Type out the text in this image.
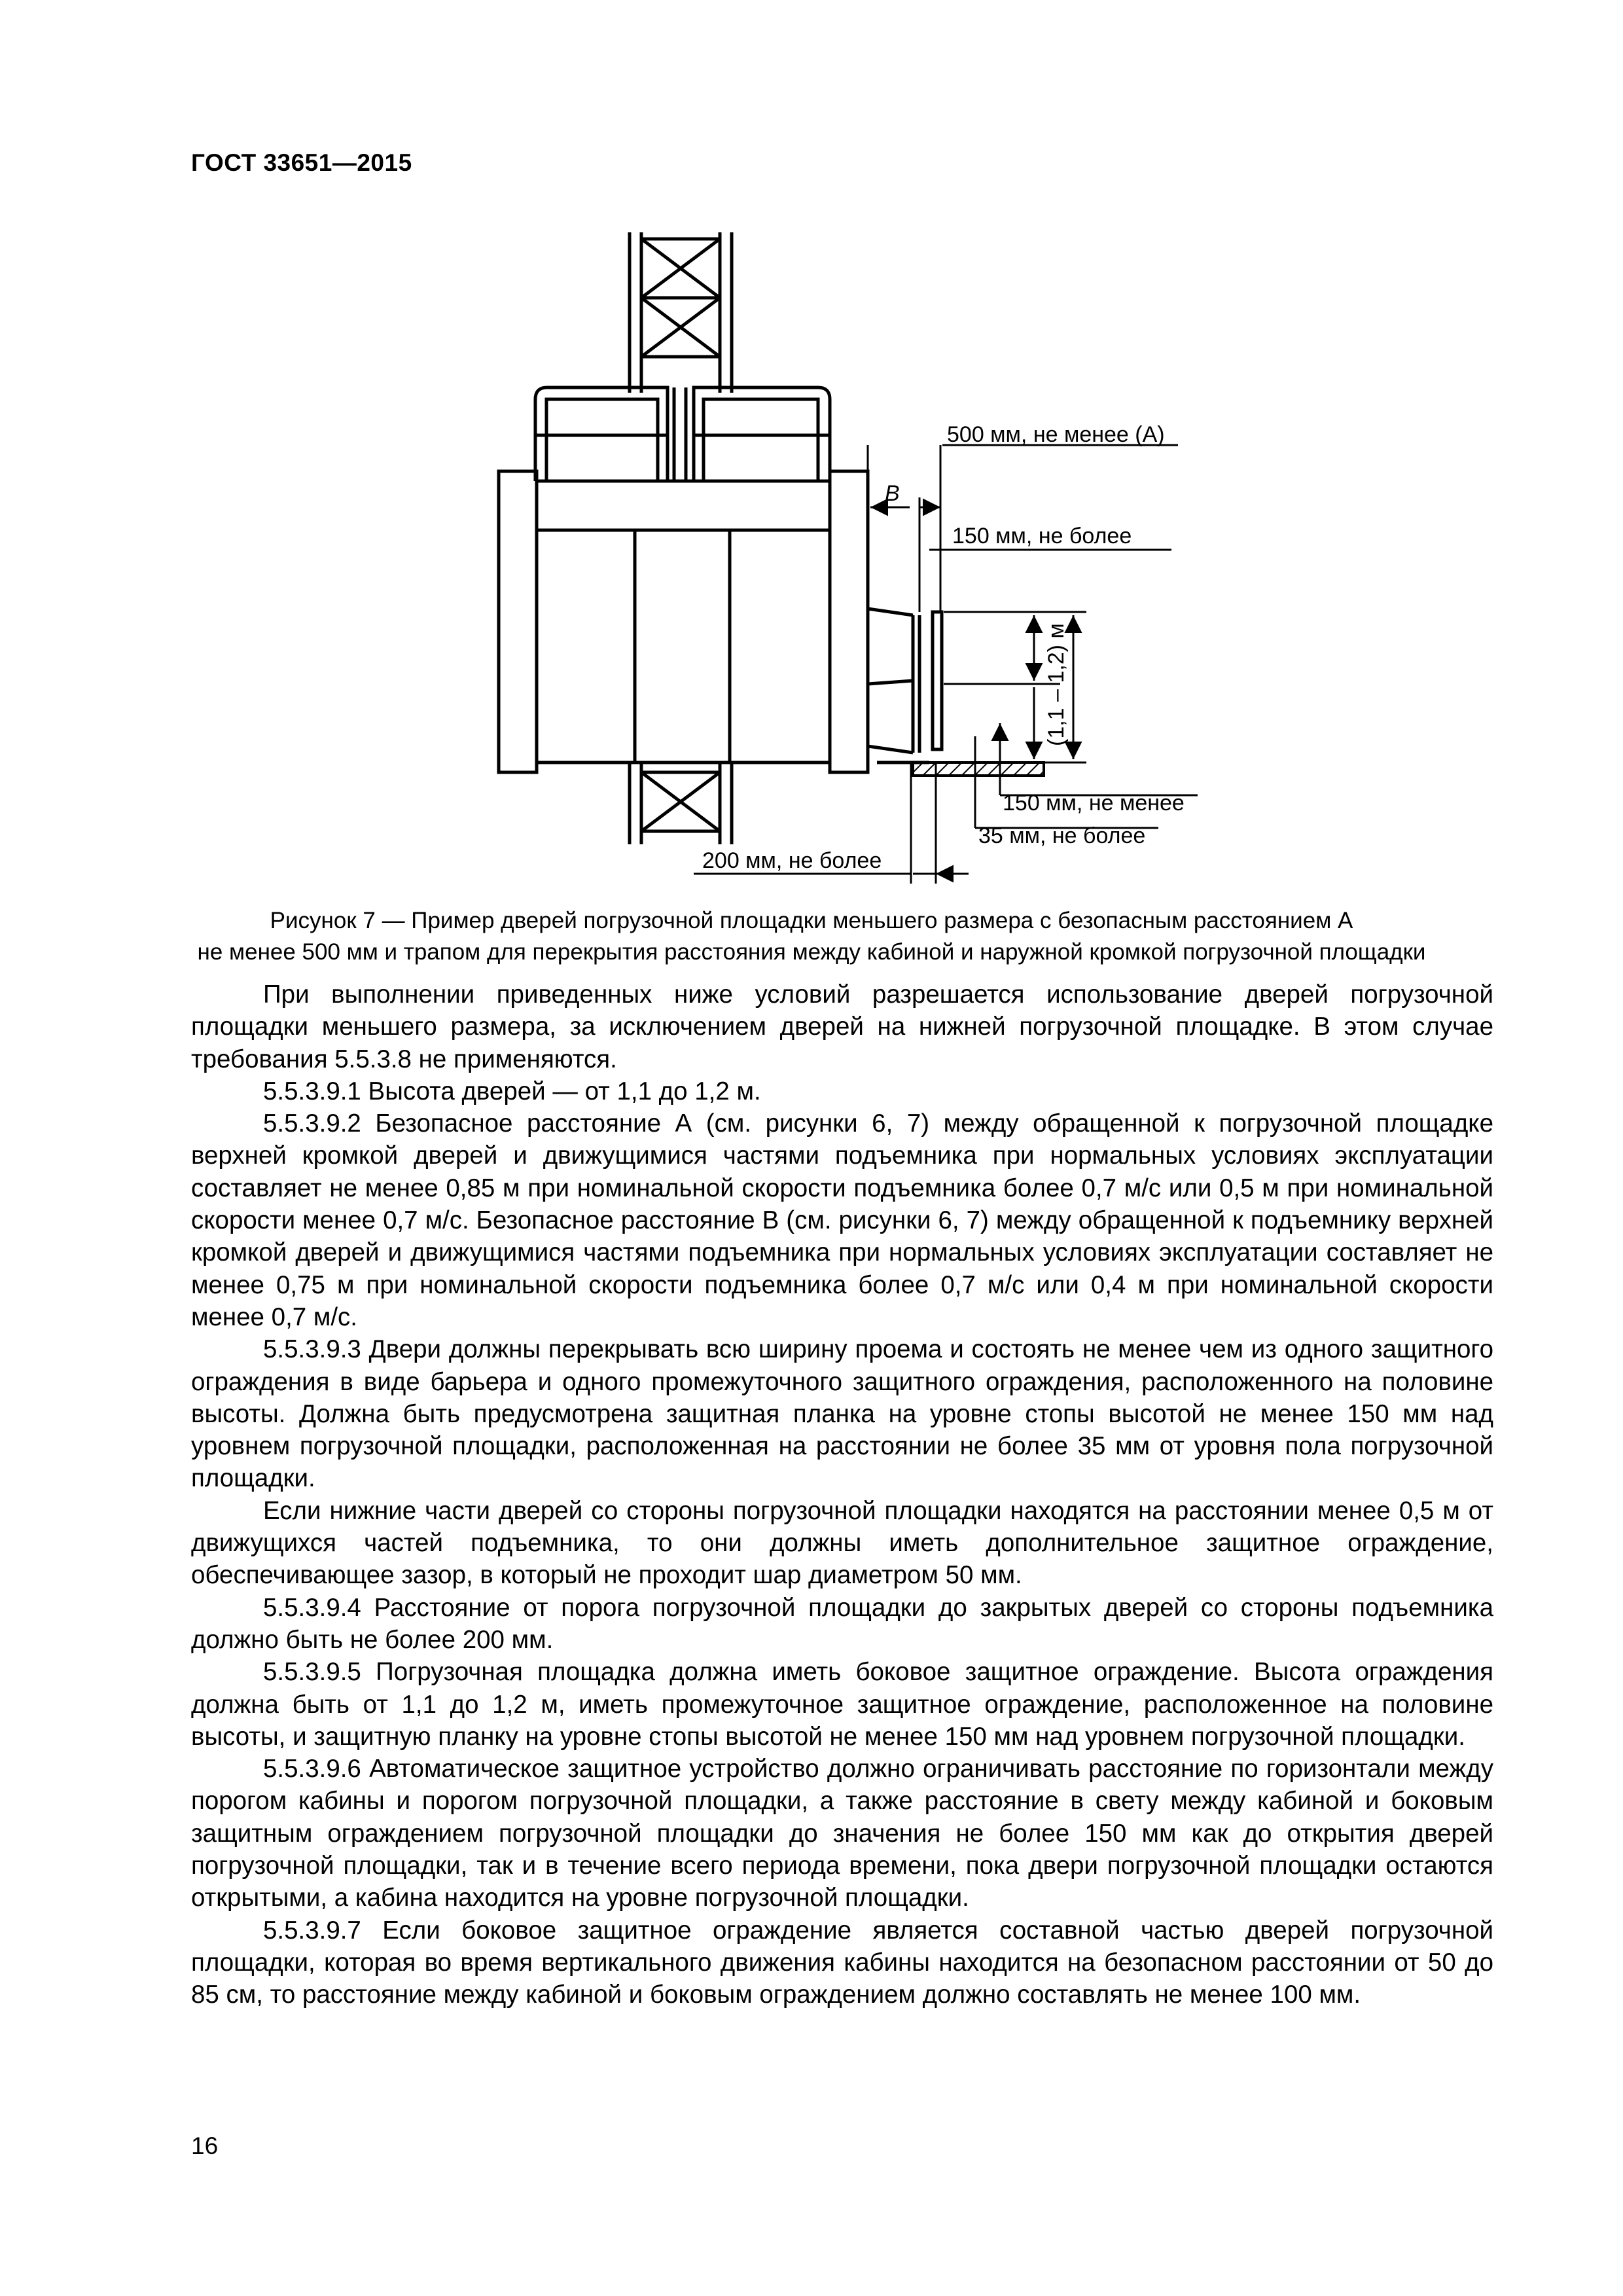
ГОСТ 33651—2015
500 мм, не менее (A)
B
150 мм, не более
(1,1 – 1,2) м
150 мм, не менее
35 мм, не более
200 мм, не более
Рисунок 7 — Пример дверей погрузочной площадки меньшего размера с безопасным расстоянием А
не менее 500 мм и трапом для перекрытия расстояния между кабиной и наружной кромкой погрузочной площадки

При выполнении приведенных ниже условий разрешается использование дверей погрузочной площадки меньшего размера, за исключением дверей на нижней погрузочной площадке. В этом случае требования 5.5.3.8 не применяются.

5.5.3.9.1 Высота дверей — от 1,1 до 1,2 м.

5.5.3.9.2 Безопасное расстояние А (см. рисунки 6, 7) между обращенной к погрузочной площадке верхней кромкой дверей и движущимися частями подъемника при нормальных условиях эксплуатации составляет не менее 0,85 м при номинальной скорости подъемника более 0,7 м/с или 0,5 м при номинальной скорости менее 0,7 м/с. Безопасное расстояние В (см. рисунки 6, 7) между обращенной к подъемнику верхней кромкой дверей и движущимися частями подъемника при нормальных условиях эксплуатации составляет не менее 0,75 м при номинальной скорости подъемника более 0,7 м/с или 0,4 м при номинальной скорости менее 0,7 м/с.

5.5.3.9.3 Двери должны перекрывать всю ширину проема и состоять не менее чем из одного защитного ограждения в виде барьера и одного промежуточного защитного ограждения, расположенного на половине высоты. Должна быть предусмотрена защитная планка на уровне стопы высотой не менее 150 мм над уровнем погрузочной площадки, расположенная на расстоянии не более 35 мм от уровня пола погрузочной площадки.

Если нижние части дверей со стороны погрузочной площадки находятся на расстоянии менее 0,5 м от движущихся частей подъемника, то они должны иметь дополнительное защитное ограждение, обеспечивающее зазор, в который не проходит шар диаметром 50 мм.

5.5.3.9.4 Расстояние от порога погрузочной площадки до закрытых дверей со стороны подъемника должно быть не более 200 мм.

5.5.3.9.5 Погрузочная площадка должна иметь боковое защитное ограждение. Высота ограждения должна быть от 1,1 до 1,2 м, иметь промежуточное защитное ограждение, расположенное на половине высоты, и защитную планку на уровне стопы высотой не менее 150 мм над уровнем погрузочной площадки.

5.5.3.9.6 Автоматическое защитное устройство должно ограничивать расстояние по горизонтали между порогом кабины и порогом погрузочной площадки, а также расстояние в свету между кабиной и боковым защитным ограждением погрузочной площадки до значения не более 150 мм как до открытия дверей погрузочной площадки, так и в течение всего периода времени, пока двери погрузочной площадки остаются открытыми, а кабина находится на уровне погрузочной площадки.

5.5.3.9.7 Если боковое защитное ограждение является составной частью дверей погрузочной площадки, которая во время вертикального движения кабины находится на безопасном расстоянии от 50 до 85 см, то расстояние между кабиной и боковым ограждением должно составлять не менее 100 мм.

16
